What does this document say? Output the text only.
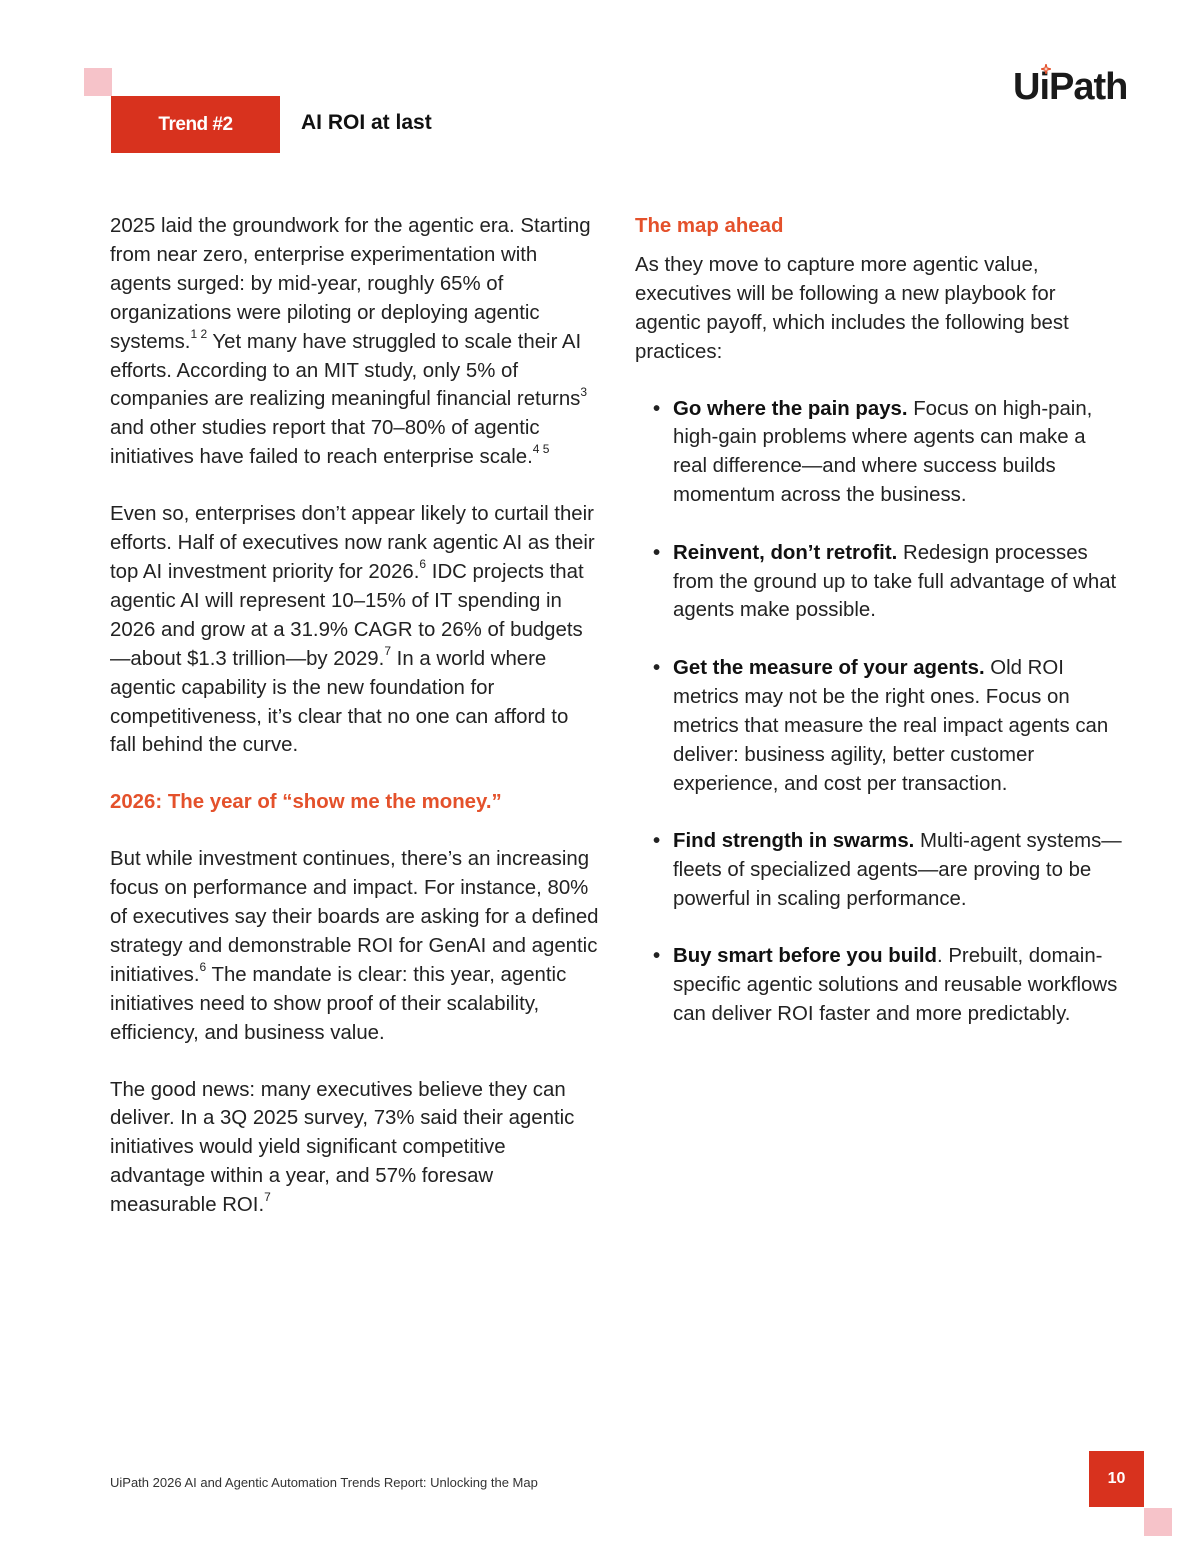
Trend #2	AI ROI at last
U
iPath

2025 laid the groundwork for the agentic era. Starting from near zero, enterprise experimentation with agents surged: by mid-year, roughly 65% of organizations were piloting or deploying agentic systems.$^{1 2}$ Yet many have struggled to scale their AI efforts. According to an MIT study, only 5% of companies are realizing meaningful financial returns$^3$ and other studies report that 70–80% of agentic initiatives have failed to reach enterprise scale.$^{4 5}$

Even so, enterprises don’t appear likely to curtail their efforts. Half of executives now rank agentic AI as their top AI investment priority for 2026.$^6$ IDC projects that agentic AI will represent 10–15% of IT spending in 2026 and grow at a 31.9% CAGR to 26% of budgets—about $1.3 trillion—by 2029.$^7$ In a world where agentic capability is the new foundation for competitiveness, it’s clear that no one can afford to fall behind the curve.

2026: The year of “show me the money.”

But while investment continues, there’s an increasing focus on performance and impact. For instance, 80% of executives say their boards are asking for a defined strategy and demonstrable ROI for GenAI and agentic initiatives.$^6$ The mandate is clear: this year, agentic initiatives need to show proof of their scalability, efficiency, and business value.

The good news: many executives believe they can deliver. In a 3Q 2025 survey, 73% said their agentic initiatives would yield significant competitive advantage within a year, and 57% foresaw measurable ROI.$^7$

The map ahead

As they move to capture more agentic value, executives will be following a new playbook for agentic payoff, which includes the following best practices:

• Go where the pain pays. Focus on high-pain, high-gain problems where agents can make a real difference—and where success builds momentum across the business.
• Reinvent, don’t retrofit. Redesign processes from the ground up to take full advantage of what agents make possible.
• Get the measure of your agents. Old ROI metrics may not be the right ones. Focus on metrics that measure the real impact agents can deliver: business agility, better customer experience, and cost per transaction.
• Find strength in swarms. Multi-agent systems—fleets of specialized agents—are proving to be powerful in scaling performance.
• Buy smart before you build. Prebuilt, domain-specific agentic solutions and reusable workflows can deliver ROI faster and more predictably.
UiPath 2026 AI and Agentic Automation Trends Report: Unlocking the Map	10
